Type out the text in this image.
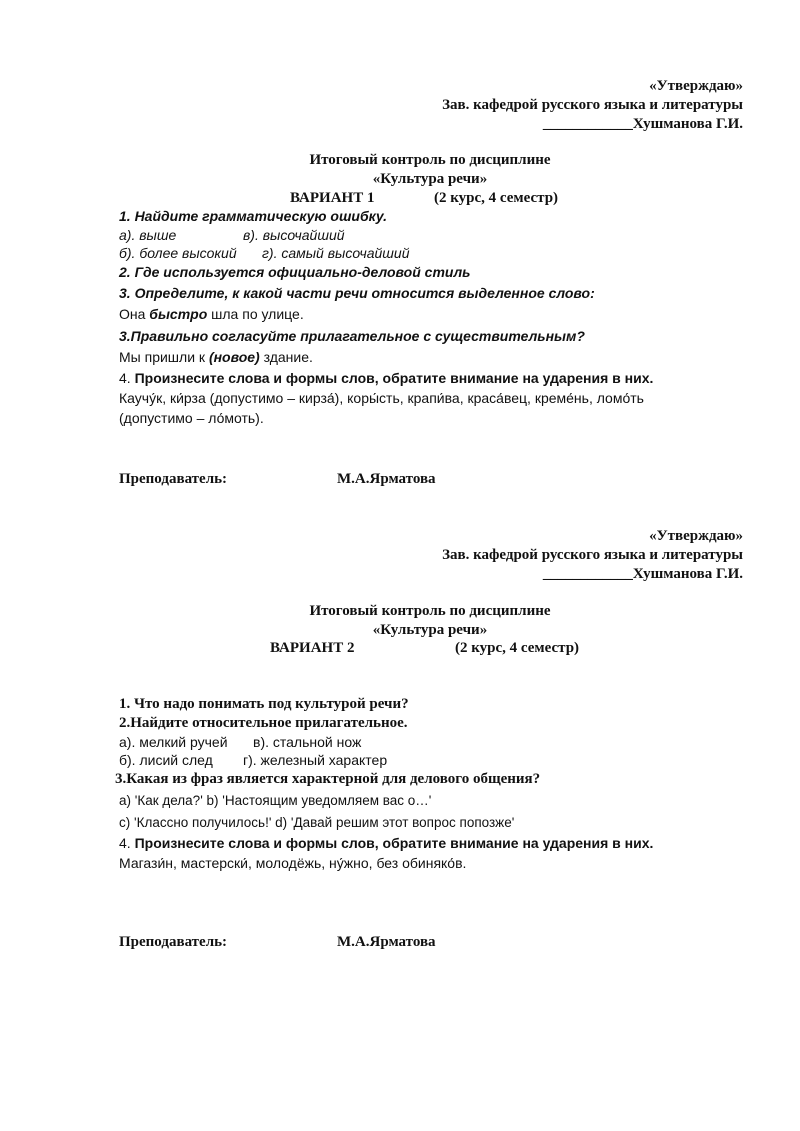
«Утверждаю»
Зав. кафедрой русского языка и литературы
____________Хушманова Г.И.
Итоговый контроль по дисциплине
«Культура речи»
ВАРИАНТ 1	(2 курс, 4 семестр)
1. Найдите грамматическую ошибку.
а). выше	в). высочайший
б). более высокий г). самый высочайший
2. Где используется официально-деловой стиль
3. Определите, к какой части речи относится выделенное слово:
Она быстро шла по улице.
3.Правильно согласуйте прилагательное с существительным?
Мы пришли к (новое) здание.
4. Произнесите слова и формы слов, обратите внимание на ударения в них.
Каучу́к, ки́рза (допустимо – кирза́), коры́сть, крапи́ва, краса́вец, креме́нь, ломо́ть
(допустимо – ло́моть).
Преподаватель:	М.А.Ярматова
«Утверждаю»
Зав. кафедрой русского языка и литературы
____________Хушманова Г.И.
Итоговый контроль по дисциплине
«Культура речи»
ВАРИАНТ 2	(2 курс, 4 семестр)
1. Что надо понимать под культурой речи?
2.Найдите относительное прилагательное.
а). мелкий ручей в). стальной нож
б). лисий след г). железный характер
3.Какая из фраз является характерной для делового общения?
a) 'Как дела?' b) 'Настоящим уведомляем вас о…'
c) 'Классно получилось!' d) 'Давай решим этот вопрос попозже'
4. Произнесите слова и формы слов, обратите внимание на ударения в них.
Магази́н, мастерски́, молодёжь, ну́жно, без обиняко́в.
Преподаватель:	М.А.Ярматова
